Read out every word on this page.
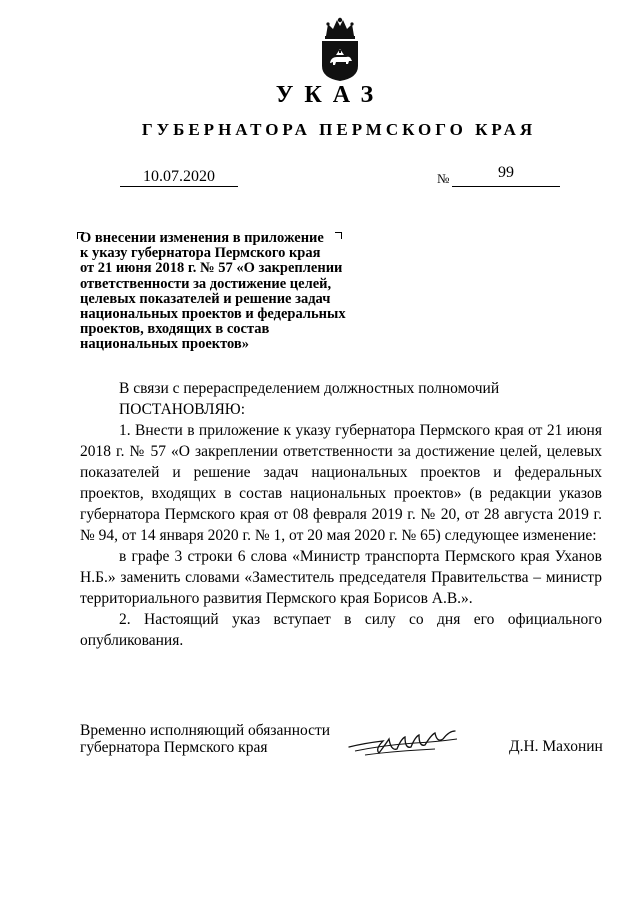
УКАЗ
ГУБЕРНАТОРА ПЕРМСКОГО КРАЯ
10.07.2020	№	99
О внесении изменения в приложение
к указу губернатора Пермского края
от 21 июня 2018 г. № 57 «О закреплении
ответственности за достижение целей,
целевых показателей и решение задач
национальных проектов и федеральных
проектов, входящих в состав
национальных проектов»
В связи с перераспределением должностных полномочий
ПОСТАНОВЛЯЮ:
1. Внести в приложение к указу губернатора Пермского края от 21 июня 2018 г. № 57 «О закреплении ответственности за достижение целей, целевых показателей и решение задач национальных проектов и федеральных проектов, входящих в состав национальных проектов» (в редакции указов губернатора Пермского края от 08 февраля 2019 г. № 20, от 28 августа 2019 г. № 94, от 14 января 2020 г. № 1, от 20 мая 2020 г. № 65) следующее изменение:
в графе 3 строки 6 слова «Министр транспорта Пермского края Уханов Н.Б.» заменить словами «Заместитель председателя Правительства – министр территориального развития Пермского края Борисов А.В.».
2. Настоящий указ вступает в силу со дня его официального опубликования.
Временно исполняющий обязанности
губернатора Пермского края	Д.Н. Махонин
